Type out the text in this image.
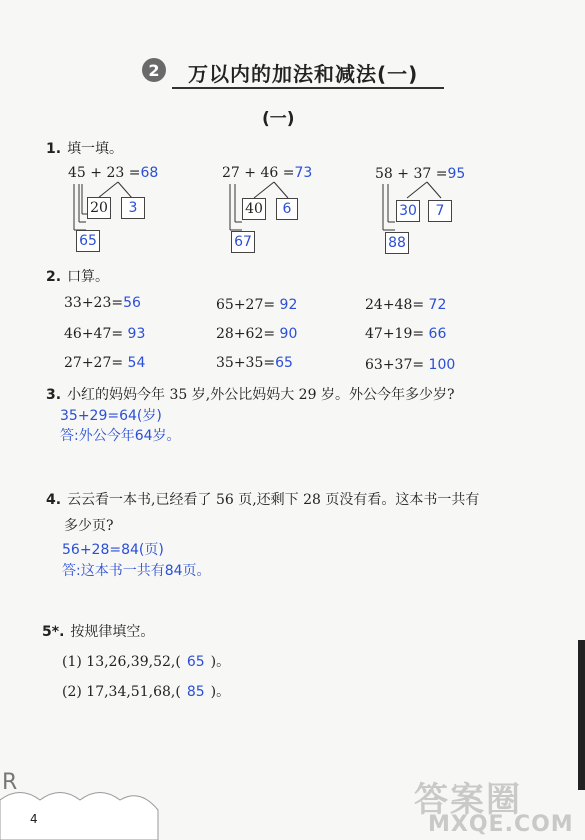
2	万以内的加法和减法(一)
(一)
1. 填一填。
45 + 23 =68
20	3
65
27 + 46 =73
40	6
67
58 + 37 =95
30	7
88
2. 口算。
33+23=56	65+27= 92	24+48= 72
46+47= 93	28+62= 90	47+19= 66
27+27= 54	35+35=65	63+37= 100
3. 小红的妈妈今年 35 岁,外公比妈妈大 29 岁。外公今年多少岁?
35+29=64(岁)
答:外公今年64岁。
4. 云云看一本书,已经看了 56 页,还剩下 28 页没有看。这本书一共有
多少页?
56+28=84(页)
答:这本书一共有84页。
5*. 按规律填空。
(1) 13,26,39,52,( 65 )。
(2) 17,34,51,68,( 85 )。
R
4	答案圈
MXQE.COM
